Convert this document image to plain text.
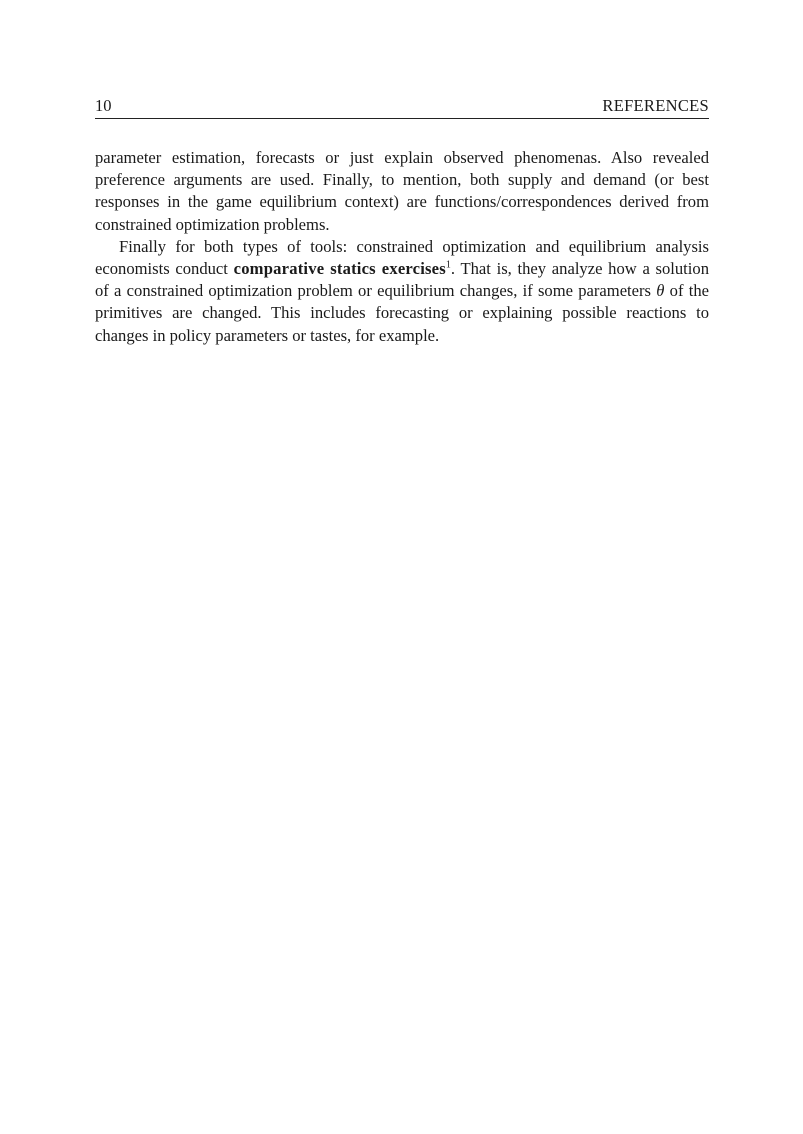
10	REFERENCES

parameter estimation, forecasts or just explain observed phenomenas. Also revealed preference arguments are used. Finally, to mention, both supply and demand (or best responses in the game equilibrium context) are functions/correspondences derived from constrained optimization problems.

Finally for both types of tools: constrained optimization and equilibrium analysis economists conduct comparative statics exercises$^1$. That is, they analyze how a solution of a constrained optimization problem or equilibrium changes, if some parameters θ of the primitives are changed. This includes forecasting or explaining possible reactions to changes in policy parameters or tastes, for example.
